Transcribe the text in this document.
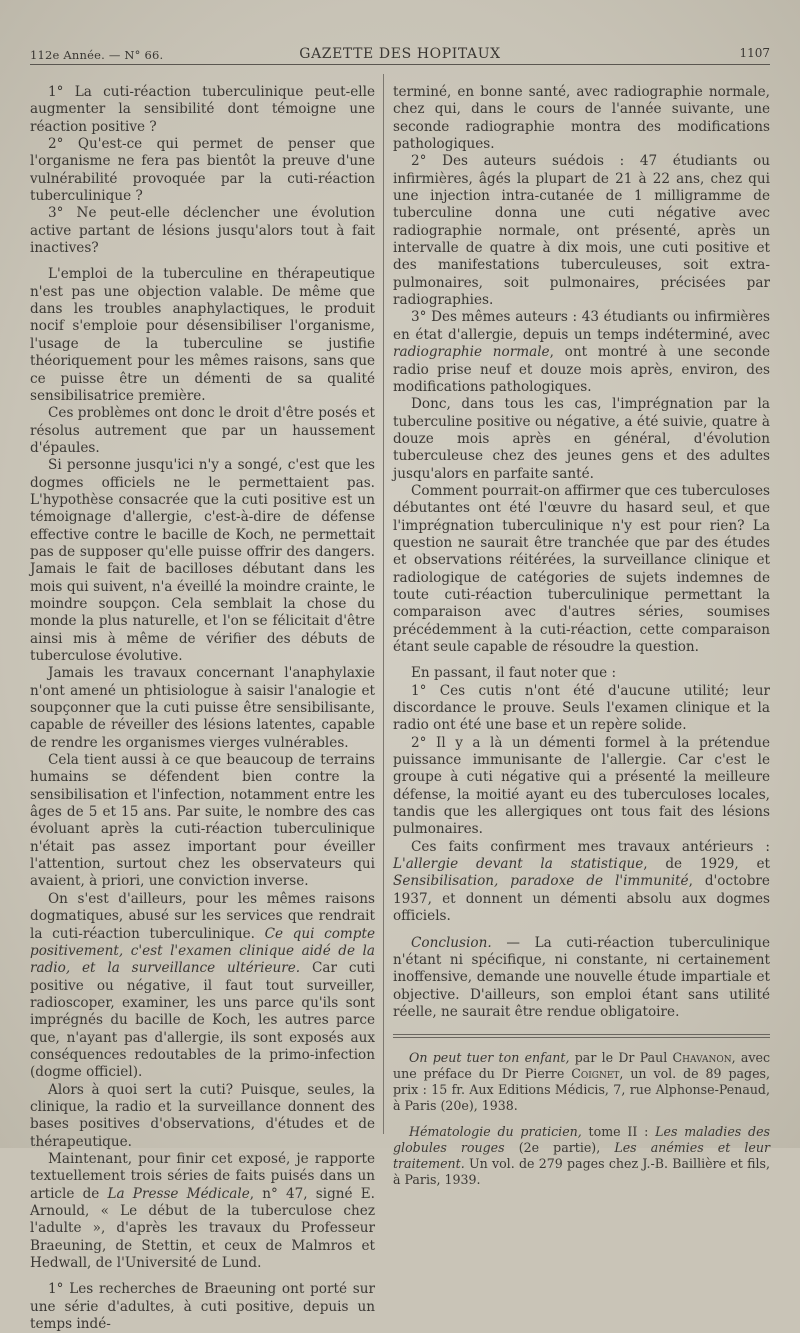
112e Année. — N° 66.	GAZETTE DES HOPITAUX	1107

1° La cuti-réaction tuberculinique peut-elle augmenter la sensibilité dont témoigne une réaction positive ?

2° Qu'est-ce qui permet de penser que l'organisme ne fera pas bientôt la preuve d'une vulnérabilité provoquée par la cuti-réaction tuberculinique ?

3° Ne peut-elle déclencher une évolution active partant de lésions jusqu'alors tout à fait inactives?

L'emploi de la tuberculine en thérapeutique n'est pas une objection valable. De même que dans les troubles anaphylactiques, le produit nocif s'emploie pour désensibiliser l'organisme, l'usage de la tuberculine se justifie théoriquement pour les mêmes raisons, sans que ce puisse être un démenti de sa qualité sensibilisatrice première.

Ces problèmes ont donc le droit d'être posés et résolus autrement que par un haussement d'épaules.

Si personne jusqu'ici n'y a songé, c'est que les dogmes officiels ne le permettaient pas. L'hypothèse consacrée que la cuti positive est un témoignage d'allergie, c'est-à-dire de défense effective contre le bacille de Koch, ne permettait pas de supposer qu'elle puisse offrir des dangers. Jamais le fait de bacilloses débutant dans les mois qui suivent, n'a éveillé la moindre crainte, le moindre soupçon. Cela semblait la chose du monde la plus naturelle, et l'on se félicitait d'être ainsi mis à même de vérifier des débuts de tuberculose évolutive.

Jamais les travaux concernant l'anaphylaxie n'ont amené un phtisiologue à saisir l'analogie et soupçonner que la cuti puisse être sensibilisante, capable de réveiller des lésions latentes, capable de rendre les organismes vierges vulnérables.

Cela tient aussi à ce que beaucoup de terrains humains se défendent bien contre la sensibilisation et l'infection, notamment entre les âges de 5 et 15 ans. Par suite, le nombre des cas évoluant après la cuti-réaction tuberculinique n'était pas assez important pour éveiller l'attention, surtout chez les observateurs qui avaient, à priori, une conviction inverse.

On s'est d'ailleurs, pour les mêmes raisons dogmatiques, abusé sur les services que rendrait la cuti-réaction tuberculinique. Ce qui compte positivement, c'est l'examen clinique aidé de la radio, et la surveillance ultérieure. Car cuti positive ou négative, il faut tout surveiller, radioscoper, examiner, les uns parce qu'ils sont imprégnés du bacille de Koch, les autres parce que, n'ayant pas d'allergie, ils sont exposés aux conséquences redoutables de la primo-infection (dogme officiel).

Alors à quoi sert la cuti? Puisque, seules, la clinique, la radio et la surveillance donnent des bases positives d'observations, d'études et de thérapeutique.

Maintenant, pour finir cet exposé, je rapporte textuellement trois séries de faits puisés dans un article de La Presse Médicale, n° 47, signé E. Arnould, « Le début de la tuberculose chez l'adulte », d'après les travaux du Professeur Braeuning, de Stettin, et ceux de Malmros et Hedwall, de l'Université de Lund.

1° Les recherches de Braeuning ont porté sur une série d'adultes, à cuti positive, depuis un temps indé-

terminé, en bonne santé, avec radiographie normale, chez qui, dans le cours de l'année suivante, une seconde radiographie montra des modifications pathologiques.

2° Des auteurs suédois : 47 étudiants ou infirmières, âgés la plupart de 21 à 22 ans, chez qui une injection intra-cutanée de 1 milligramme de tuberculine donna une cuti négative avec radiographie normale, ont présenté, après un intervalle de quatre à dix mois, une cuti positive et des manifestations tuberculeuses, soit extra-pulmonaires, soit pulmonaires, précisées par radiographies.

3° Des mêmes auteurs : 43 étudiants ou infirmières en état d'allergie, depuis un temps indéterminé, avec radiographie normale, ont montré à une seconde radio prise neuf et douze mois après, environ, des modifications pathologiques.

Donc, dans tous les cas, l'imprégnation par la tuberculine positive ou négative, a été suivie, quatre à douze mois après en général, d'évolution tuberculeuse chez des jeunes gens et des adultes jusqu'alors en parfaite santé.

Comment pourrait-on affirmer que ces tuberculoses débutantes ont été l'œuvre du hasard seul, et que l'imprégnation tuberculinique n'y est pour rien? La question ne saurait être tranchée que par des études et observations réitérées, la surveillance clinique et radiologique de catégories de sujets indemnes de toute cuti-réaction tuberculinique permettant la comparaison avec d'autres séries, soumises précédemment à la cuti-réaction, cette comparaison étant seule capable de résoudre la question.

En passant, il faut noter que :

1° Ces cutis n'ont été d'aucune utilité; leur discordance le prouve. Seuls l'examen clinique et la radio ont été une base et un repère solide.

2° Il y a là un démenti formel à la prétendue puissance immunisante de l'allergie. Car c'est le groupe à cuti négative qui a présenté la meilleure défense, la moitié ayant eu des tuberculoses locales, tandis que les allergiques ont tous fait des lésions pulmonaires.

Ces faits confirment mes travaux antérieurs : L'allergie devant la statistique, de 1929, et Sensibilisation, paradoxe de l'immunité, d'octobre 1937, et donnent un démenti absolu aux dogmes officiels.

Conclusion. — La cuti-réaction tuberculinique n'étant ni spécifique, ni constante, ni certainement inoffensive, demande une nouvelle étude impartiale et objective. D'ailleurs, son emploi étant sans utilité réelle, ne saurait être rendue obligatoire.

On peut tuer ton enfant, par le Dr Paul Chavanon, avec une préface du Dr Pierre Coignet, un vol. de 89 pages, prix : 15 fr. Aux Editions Médicis, 7, rue Alphonse-Penaud, à Paris (20e), 1938.

Hématologie du praticien, tome II : Les maladies des globules rouges (2e partie), Les anémies et leur traitement. Un vol. de 279 pages chez J.-B. Baillière et fils, à Paris, 1939.
